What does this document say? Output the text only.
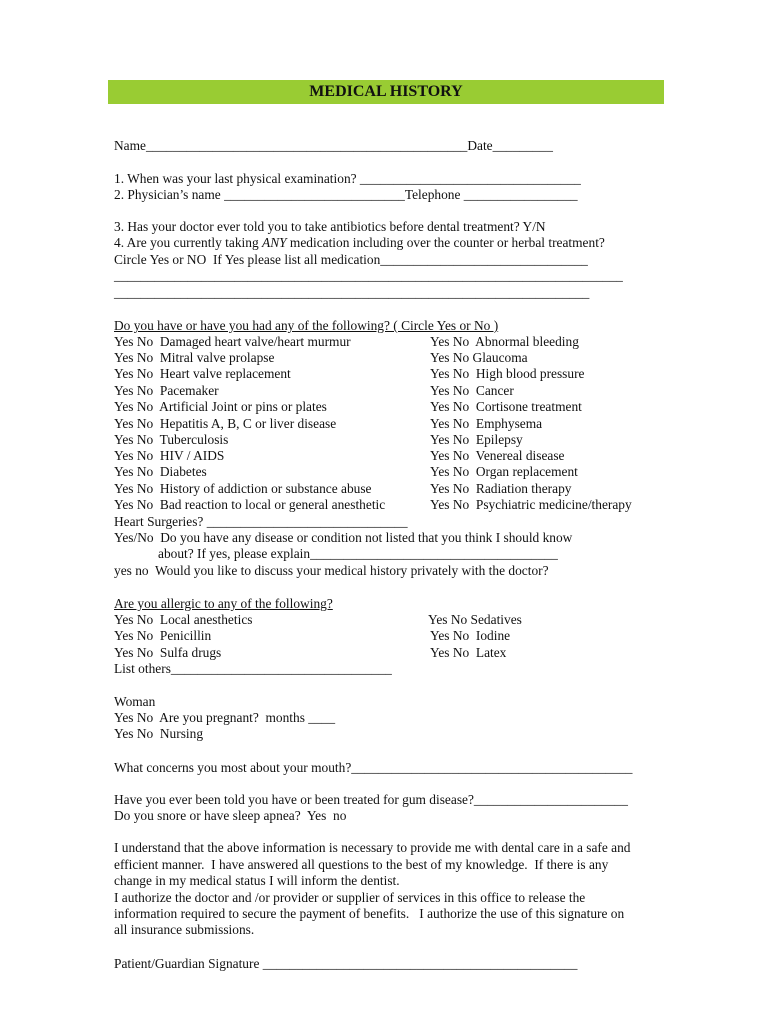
MEDICAL HISTORY
Name________________________________________________Date_________
1. When was your last physical examination? _________________________________
2. Physician’s name ___________________________Telephone _________________
3. Has your doctor ever told you to take antibiotics before dental treatment? Y/N
4. Are you currently taking ANY medication including over the counter or herbal treatment?
Circle Yes or NO  If Yes please list all medication_______________________________
____________________________________________________________________________
_______________________________________________________________________
Do you have or have you had any of the following? ( Circle Yes or No )
Yes No  Damaged heart valve/heart murmur
Yes No  Mitral valve prolapse
Yes No  Heart valve replacement
Yes No  Pacemaker
Yes No  Artificial Joint or pins or plates
Yes No  Hepatitis A, B, C or liver disease
Yes No  Tuberculosis
Yes No  HIV / AIDS
Yes No  Diabetes
Yes No  History of addiction or substance abuse
Yes No  Bad reaction to local or general anesthetic
Yes No  Abnormal bleeding
Yes No Glaucoma
Yes No  High blood pressure
Yes No  Cancer
Yes No  Cortisone treatment
Yes No  Emphysema
Yes No  Epilepsy
Yes No  Venereal disease
Yes No  Organ replacement
Yes No  Radiation therapy
Yes No  Psychiatric medicine/therapy
Heart Surgeries? ______________________________
Yes/No  Do you have any disease or condition not listed that you think I should know
about? If yes, please explain_____________________________________
yes no  Would you like to discuss your medical history privately with the doctor?
Are you allergic to any of the following?
Yes No  Local anesthetics
Yes No  Penicillin
Yes No  Sulfa drugs
Yes No Sedatives
Yes No  Iodine
Yes No  Latex
List others_________________________________
Woman
Yes No  Are you pregnant?  months ____
Yes No  Nursing
What concerns you most about your mouth?__________________________________________
Have you ever been told you have or been treated for gum disease?_______________________
Do you snore or have sleep apnea?  Yes  no
I understand that the above information is necessary to provide me with dental care in a safe and
efficient manner.  I have answered all questions to the best of my knowledge.  If there is any
change in my medical status I will inform the dentist.
I authorize the doctor and /or provider or supplier of services in this office to release the
information required to secure the payment of benefits.   I authorize the use of this signature on
all insurance submissions.
Patient/Guardian Signature _______________________________________________
